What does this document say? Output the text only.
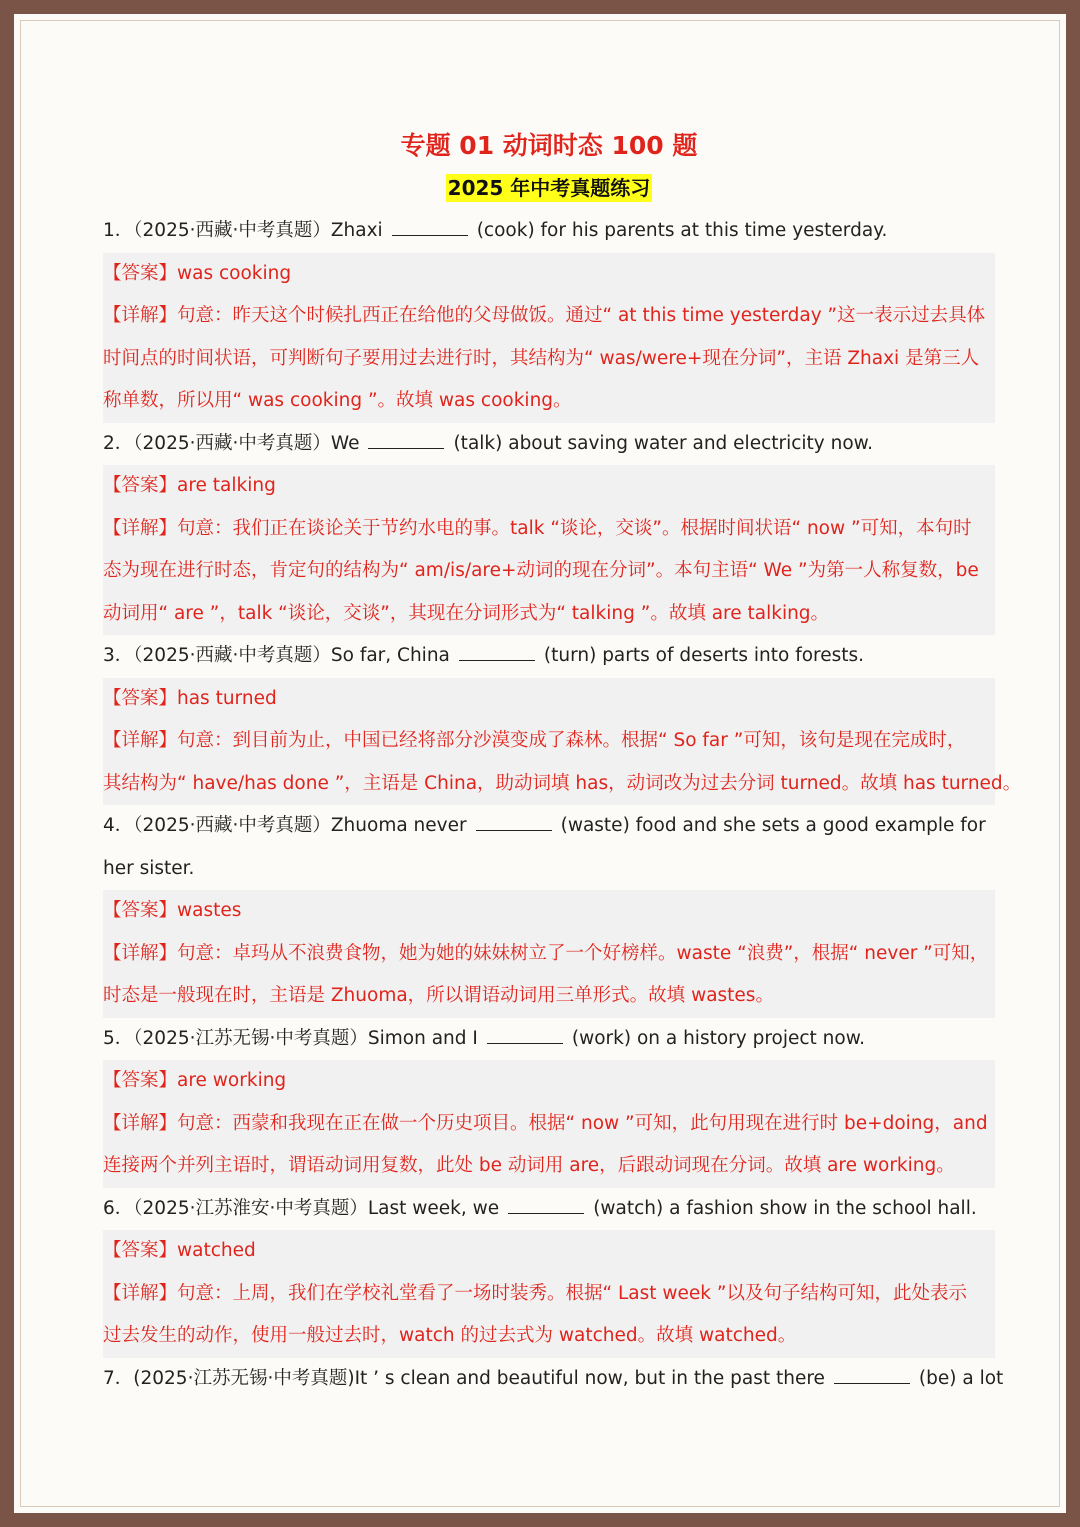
专题 01 动词时态 100 题
2025 年中考真题练习
1．（2025·西藏·中考真题）Zhaxi	(cook) for his parents at this time yesterday.
【答案】was cooking
【详解】句意：昨天这个时候扎西正在给他的父母做饭。通过“ at this time yesterday ”这一表示过去具体
时间点的时间状语，可判断句子要用过去进行时，其结构为“ was/were+现在分词”，主语 Zhaxi 是第三人
称单数，所以用“ was cooking ”。故填 was cooking。
2．（2025·西藏·中考真题）We	(talk) about saving water and electricity now.
【答案】are talking
【详解】句意：我们正在谈论关于节约水电的事。talk “谈论，交谈”。根据时间状语“ now ”可知，本句时
态为现在进行时态，肯定句的结构为“ am/is/are+动词的现在分词”。本句主语“ We ”为第一人称复数，be
动词用“ are ”，talk “谈论，交谈”，其现在分词形式为“ talking ”。故填 are talking。
3．（2025·西藏·中考真题）So far, China	(turn) parts of deserts into forests.
【答案】has turned
【详解】句意：到目前为止，中国已经将部分沙漠变成了森林。根据“ So far ”可知，该句是现在完成时，
其结构为“ have/has done ”，主语是 China，助动词填 has，动词改为过去分词 turned。故填 has turned。
4．（2025·西藏·中考真题）Zhuoma never	(waste) food and she sets a good example for
her sister.
【答案】wastes
【详解】句意：卓玛从不浪费食物，她为她的妹妹树立了一个好榜样。waste “浪费”，根据“ never ”可知，
时态是一般现在时，主语是 Zhuoma，所以谓语动词用三单形式。故填 wastes。
5．（2025·江苏无锡·中考真题）Simon and I	(work) on a history project now.
【答案】are working
【详解】句意：西蒙和我现在正在做一个历史项目。根据“ now ”可知，此句用现在进行时 be+doing，and
连接两个并列主语时，谓语动词用复数，此处 be 动词用 are，后跟动词现在分词。故填 are working。
6．（2025·江苏淮安·中考真题）Last week, we	(watch) a fashion show in the school hall.
【答案】watched
【详解】句意：上周，我们在学校礼堂看了一场时装秀。根据“ Last week ”以及句子结构可知，此处表示
过去发生的动作，使用一般过去时，watch 的过去式为 watched。故填 watched。
7．(2025·江苏无锡·中考真题)It ’ s clean and beautiful now, but in the past there	(be) a lot
